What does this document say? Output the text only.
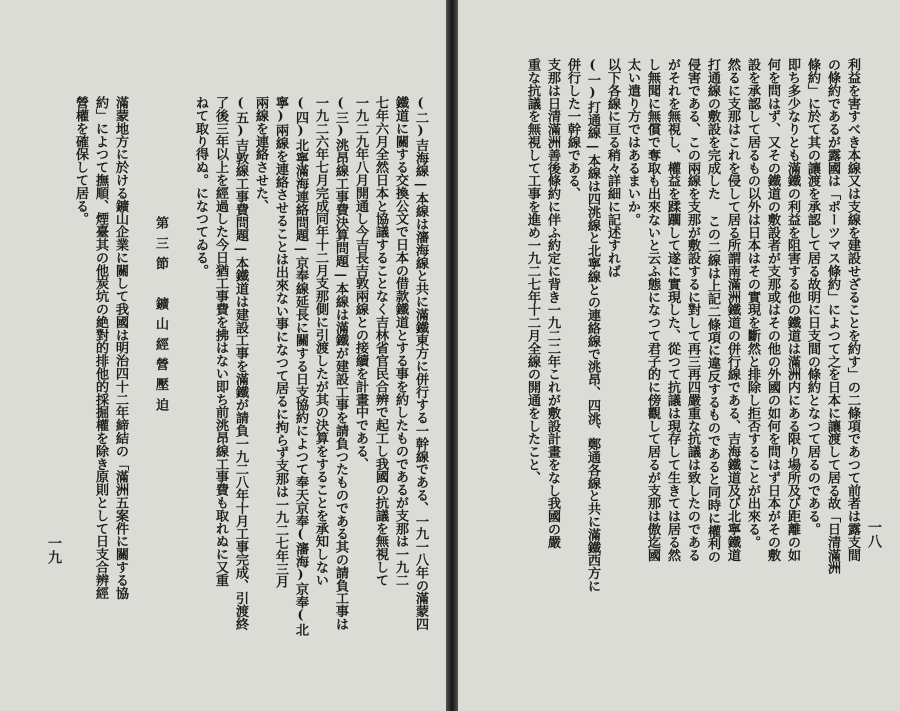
(二)吉海線—本線は瀋海線と共に滿鐵東方に併行する一幹線である、一九一八年の滿蒙四

鐵道に關する交換公文で日本の借款鐵道とする事を約したものであるが支那は一九二

七年六月全然日本と協議することなく吉林省官民合辨で起工し我國の抗議を無視して

一九二九年八月開通し今吉長吉敦兩線との接續を計畫中である、

(三)洮昂線工事費決算問題—本線は滿鐵が建設工事を請負つたものである其の請負工事は

一九二六年七月完成同年十二月支那側に引渡したが其の決算をすることを承知しない

(四)北寧滿海連絡問題—京奉線延長に關する日支協約によつて奉天京奉(瀋海)京奉(北

寧)兩線を連絡させることは出來ない事になつて居るに拘らず支那は一九二七年三月

兩線を連絡させた、

(五)吉敦線工事費問題—本鐵道は建設工事を滿鐵が請負一九二八年十月工事完成、引渡終

了後三年以上を經過した今日猶工事費を拂はない即ち前洮昂線工事費も取れぬに又重

ねて取り得ぬ。になつてゐる。

第三節　鑛山經營壓迫

滿蒙地方に於ける鑛山企業に關して我國は明治四十二年締結の「滿洲五案件に關する協

約」によつて撫順、煙臺其の他炭坑の絶對的排他的採掘權を除き原則として日支合辨經

營權を確保して居る。

一九	利益を害すべき本線又は支線を建設せざることを約す」の二條項であつて前者は露支間

の條約であるが露國は「ポーツマス條約」によつて之を日本に讓渡して居る故「日清滿洲

條約」に於て其の讓渡を承認して居る故明に日支間の條約となつて居るのである。

即ち多少なりとも滿鐵の利益を阻害する他の鐵道は滿洲内にある限り場所及び距離の如

何を問はず、又その鐵道の敷設者が支那或はその他の外國の如何を問はず日本がその敷

設を承認して居るもの以外は日本はその實現を斷然と排除し拒否することが出來る。

然るに支那はこれを侵して居る所謂南滿洲鐵道の併行線である、吉海鐵道及び北寧鐵道

打通線の敷設を完成した この二線は上記二條項に違反するものであると同時に權利の

侵害である、この兩線を支那が敷設するに對して再三再四嚴重な抗議は致したのである

がそれを無視し、權益を蹂躙して遂に實現した、從つて抗議は現存して生きては居る然

し無聞に無償で奪取も出來ないと云ふ態になつて君子的に傍觀して居るが支那は傲迄國

太い遣り方ではあるまいか。

以下各線に亘る稍々詳細に記述すれば

(一)打通線—本線は四洮線と北寧線との連絡線で洮昂、四洮、鄭通各線と共に滿鐵西方に

併行した一幹線である、

支那は日清滿洲善後條約に伴ふ約定に背き一九二二年これが敷設計畫をなし我國の嚴

重な抗議を無視して工事を進め一九二七年十二月全線の開通をしたこと、

一八
